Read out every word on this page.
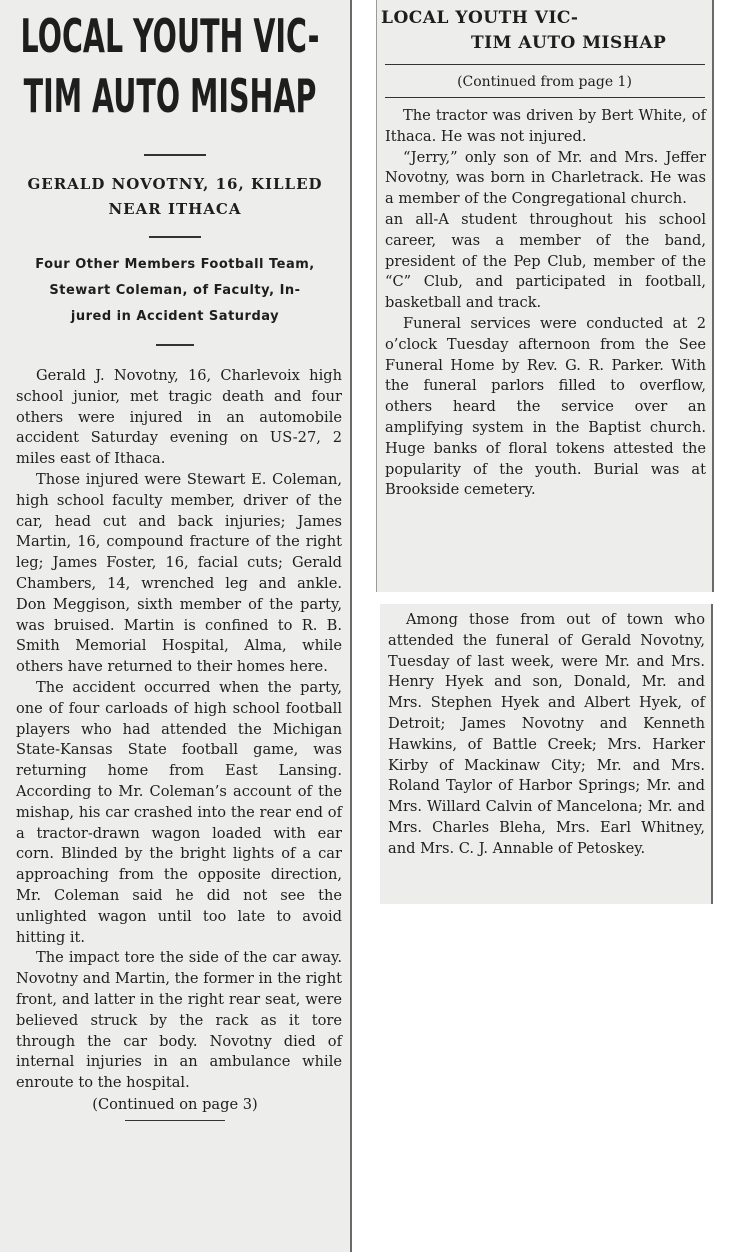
LOCAL YOUTH VIC-
TIM AUTO MISHAP
GERALD NOVOTNY, 16, KILLED
NEAR ITHACA
Four Other Members Football Team,
Stewart Coleman, of Faculty, In-
jured in Accident Saturday

Gerald J. Novotny, 16, Charlevoix high school junior, met tragic death and four others were injured in an automobile accident Saturday evening on US-27, 2 miles east of Ithaca.

Those injured were Stewart E. Coleman, high school faculty member, driver of the car, head cut and back injuries; James Martin, 16, compound fracture of the right leg; James Foster, 16, facial cuts; Gerald Chambers, 14, wrenched leg and ankle. Don Meggison, sixth member of the party, was bruised. Martin is confined to R. B. Smith Memorial Hospital, Alma, while others have returned to their homes here.

The accident occurred when the party, one of four carloads of high school football players who had attended the Michigan State-Kansas State football game, was returning home from East Lansing. According to Mr. Coleman’s account of the mishap, his car crashed into the rear end of a tractor-drawn wagon loaded with ear corn. Blinded by the bright lights of a car approaching from the opposite direction, Mr. Coleman said he did not see the unlighted wagon until too late to avoid hitting it.

The impact tore the side of the car away. Novotny and Martin, the former in the right front, and latter in the right rear seat, were believed struck by the rack as it tore through the car body. Novotny died of internal injuries in an ambulance while enroute to the hospital.

(Continued on page 3)
LOCAL YOUTH VIC-
TIM AUTO MISHAP
(Continued from page 1)

The tractor was driven by Bert White, of Ithaca. He was not injured.

“Jerry,” only son of Mr. and Mrs. Jeffer Novotny, was born in Charletrack. He was a member of the Congregational church.

an all-A student throughout his school career, was a member of the band, president of the Pep Club, member of the “C” Club, and participated in football, basketball and track.

Funeral services were conducted at 2 o’clock Tuesday afternoon from the See Funeral Home by Rev. G. R. Parker. With the funeral parlors filled to overflow, others heard the service over an amplifying system in the Baptist church. Huge banks of floral tokens attested the popularity of the youth. Burial was at Brookside cemetery.

Among those from out of town who attended the funeral of Gerald Novotny, Tuesday of last week, were Mr. and Mrs. Henry Hyek and son, Donald, Mr. and Mrs. Stephen Hyek and Albert Hyek, of Detroit; James Novotny and Kenneth Hawkins, of Battle Creek; Mrs. Harker Kirby of Mackinaw City; Mr. and Mrs. Roland Taylor of Harbor Springs; Mr. and Mrs. Willard Calvin of Mancelona; Mr. and Mrs. Charles Bleha, Mrs. Earl Whitney, and Mrs. C. J. Annable of Petoskey.
